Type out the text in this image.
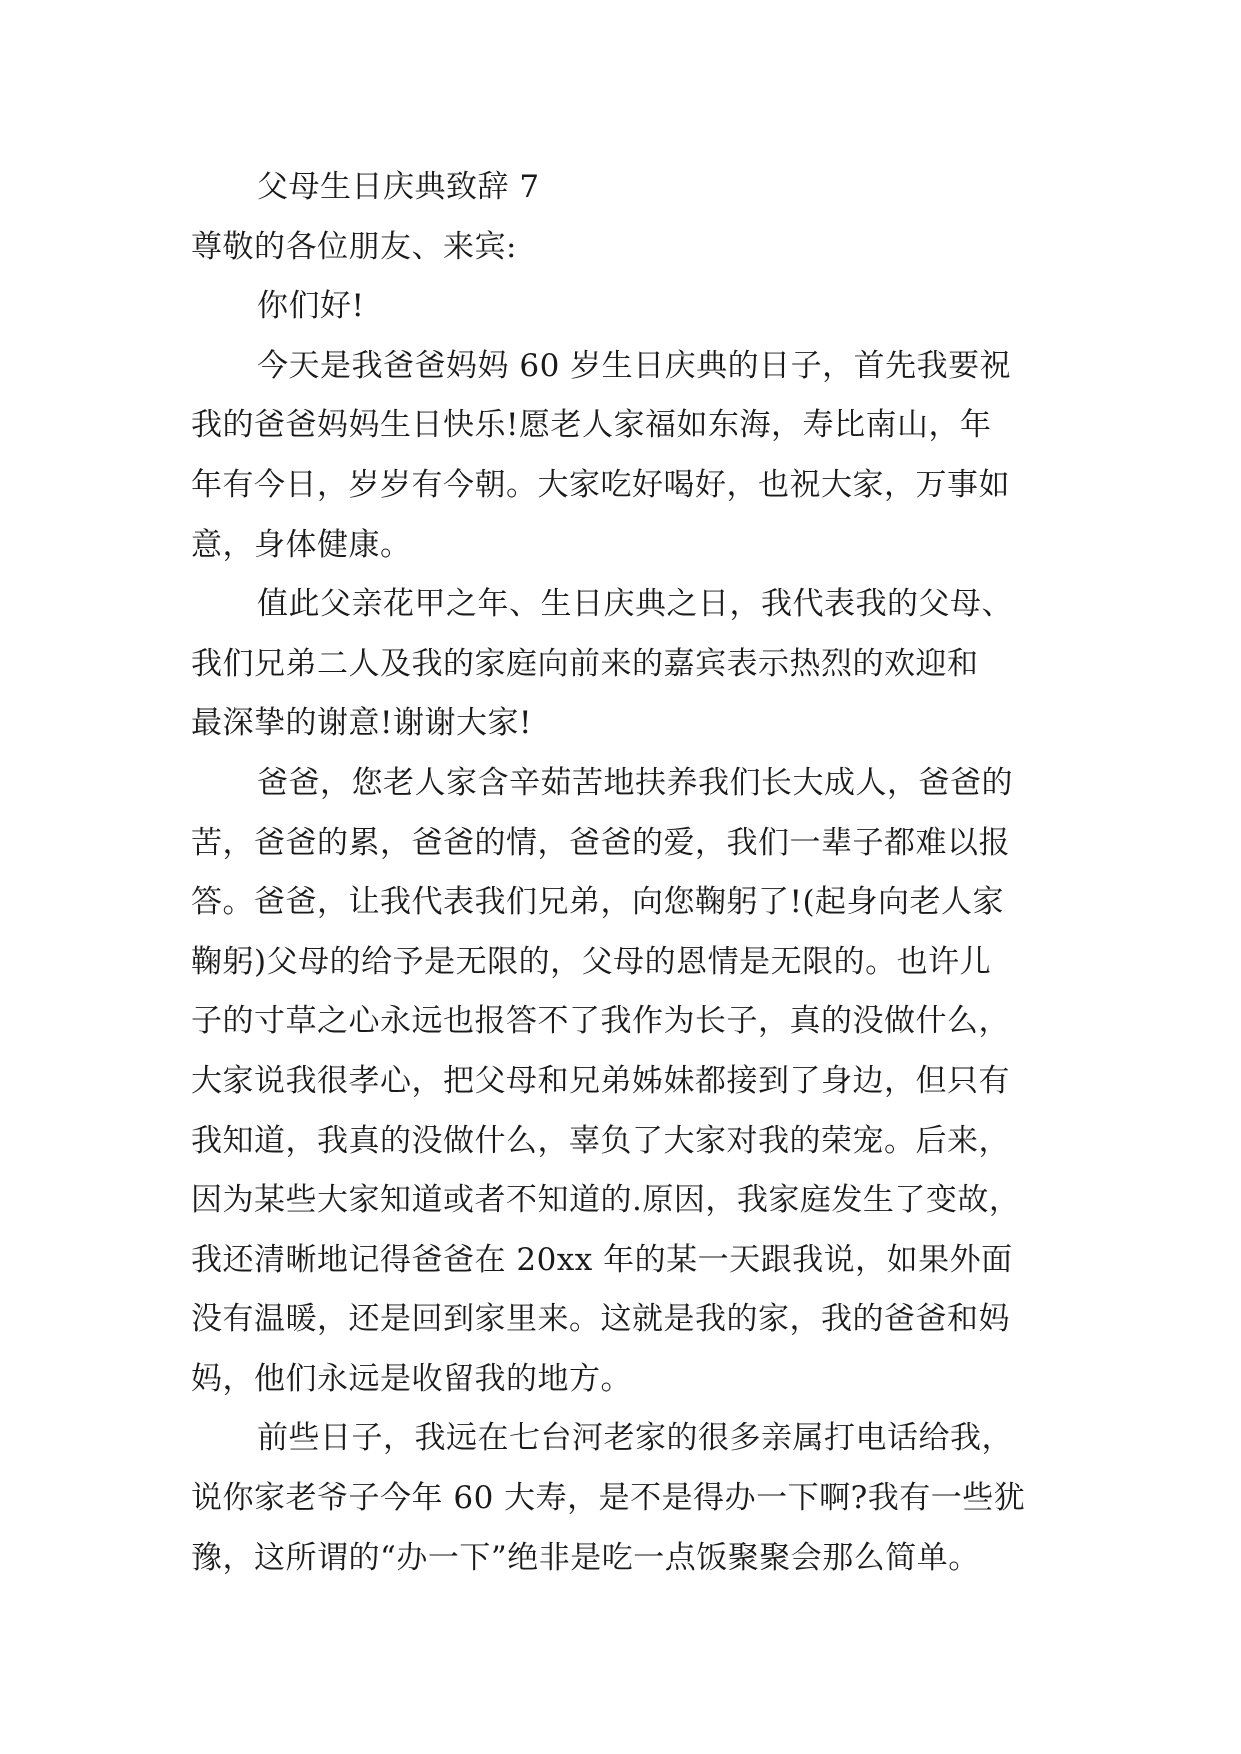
父母生日庆典致辞 7
尊敬的各位朋友、来宾:
你们好!
今天是我爸爸妈妈 60 岁生日庆典的日子，首先我要祝
我的爸爸妈妈生日快乐!愿老人家福如东海，寿比南山，年
年有今日，岁岁有今朝。大家吃好喝好，也祝大家，万事如
意，身体健康。
值此父亲花甲之年、生日庆典之日，我代表我的父母、
我们兄弟二人及我的家庭向前来的嘉宾表示热烈的欢迎和
最深挚的谢意!谢谢大家!
爸爸，您老人家含辛茹苦地扶养我们长大成人，爸爸的
苦，爸爸的累，爸爸的情，爸爸的爱，我们一辈子都难以报
答。爸爸，让我代表我们兄弟，向您鞠躬了!(起身向老人家
鞠躬)父母的给予是无限的，父母的恩情是无限的。也许儿
子的寸草之心永远也报答不了我作为长子，真的没做什么，
大家说我很孝心，把父母和兄弟姊妹都接到了身边，但只有
我知道，我真的没做什么，辜负了大家对我的荣宠。后来，
因为某些大家知道或者不知道的.原因，我家庭发生了变故，
我还清晰地记得爸爸在 20xx 年的某一天跟我说，如果外面
没有温暖，还是回到家里来。这就是我的家，我的爸爸和妈
妈，他们永远是收留我的地方。
前些日子，我远在七台河老家的很多亲属打电话给我，
说你家老爷子今年 60 大寿，是不是得办一下啊?我有一些犹
豫，这所谓的“办一下”绝非是吃一点饭聚聚会那么简单。
